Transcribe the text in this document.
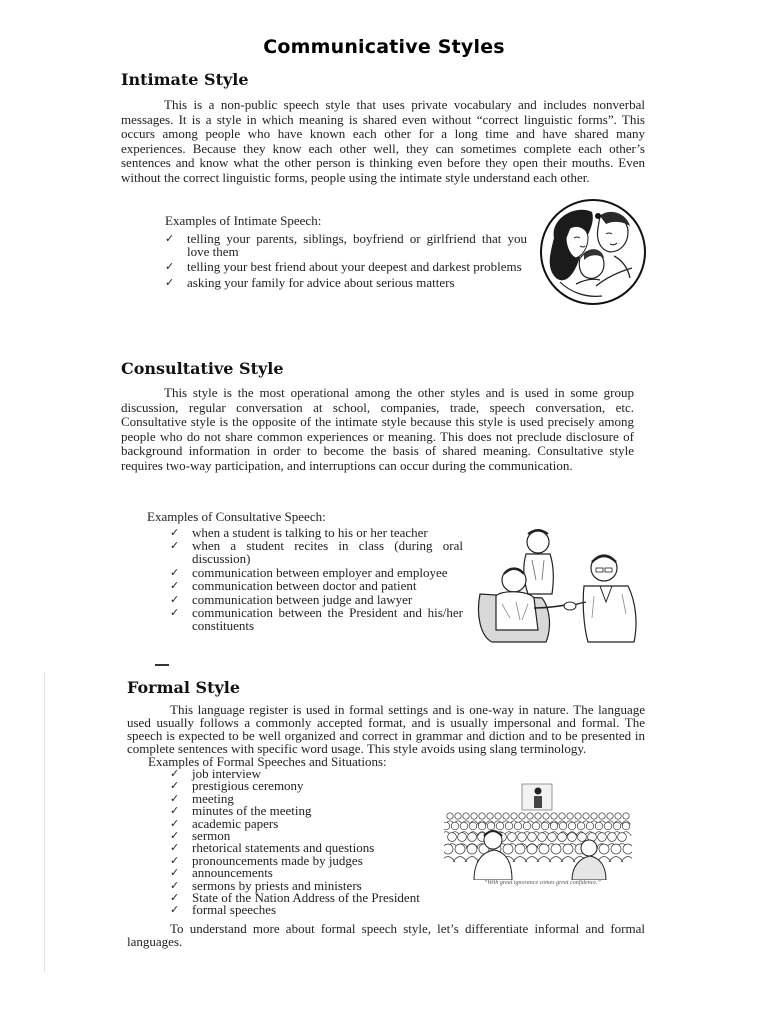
Communicative Styles
Intimate Style

This is a non-public speech style that uses private vocabulary and includes nonverbal messages. It is a style in which meaning is shared even without “correct linguistic forms”. This occurs among people who have known each other for a long time and have shared many experiences. Because they know each other well, they can sometimes complete each other’s sentences and know what the other person is thinking even before they open their mouths. Even without the correct linguistic forms, people using the intimate style understand each other.

Examples of Intimate Speech:

✓ telling your parents, siblings, boyfriend or girlfriend that you love them
✓ telling your best friend about your deepest and darkest problems
✓ asking your family for advice about serious matters
Consultative Style

This style is the most operational among the other styles and is used in some group discussion, regular conversation at school, companies, trade, speech conversation, etc. Consultative style is the opposite of the intimate style because this style is used precisely among people who do not share common experiences or meaning. This does not preclude disclosure of background information in order to become the basis of shared meaning. Consultative style requires two-way participation, and interruptions can occur during the communication.

Examples of Consultative Speech:

✓ when a student is talking to his or her teacher
✓ when a student recites in class (during oral discussion)
✓ communication between employer and employee
✓ communication between doctor and patient
✓ communication between judge and lawyer
✓ communication between the President and his/her constituents
Formal Style

This language register is used in formal settings and is one-way in nature. The language used usually follows a commonly accepted format, and is usually impersonal and formal. The speech is expected to be well organized and correct in grammar and diction and to be presented in complete sentences with specific word usage. This style avoids using slang terminology.

Examples of Formal Speeches and Situations:

✓ job interview
✓ prestigious ceremony
✓ meeting
✓ minutes of the meeting
✓ academic papers
✓ sermon
✓ rhetorical statements and questions
✓ pronouncements made by judges
✓ announcements
✓ sermons by priests and ministers
✓ State of the Nation Address of the President
✓ formal speeches

To understand more about formal speech style, let’s differentiate informal and formal languages.

“With great ignorance comes great confidence.”
